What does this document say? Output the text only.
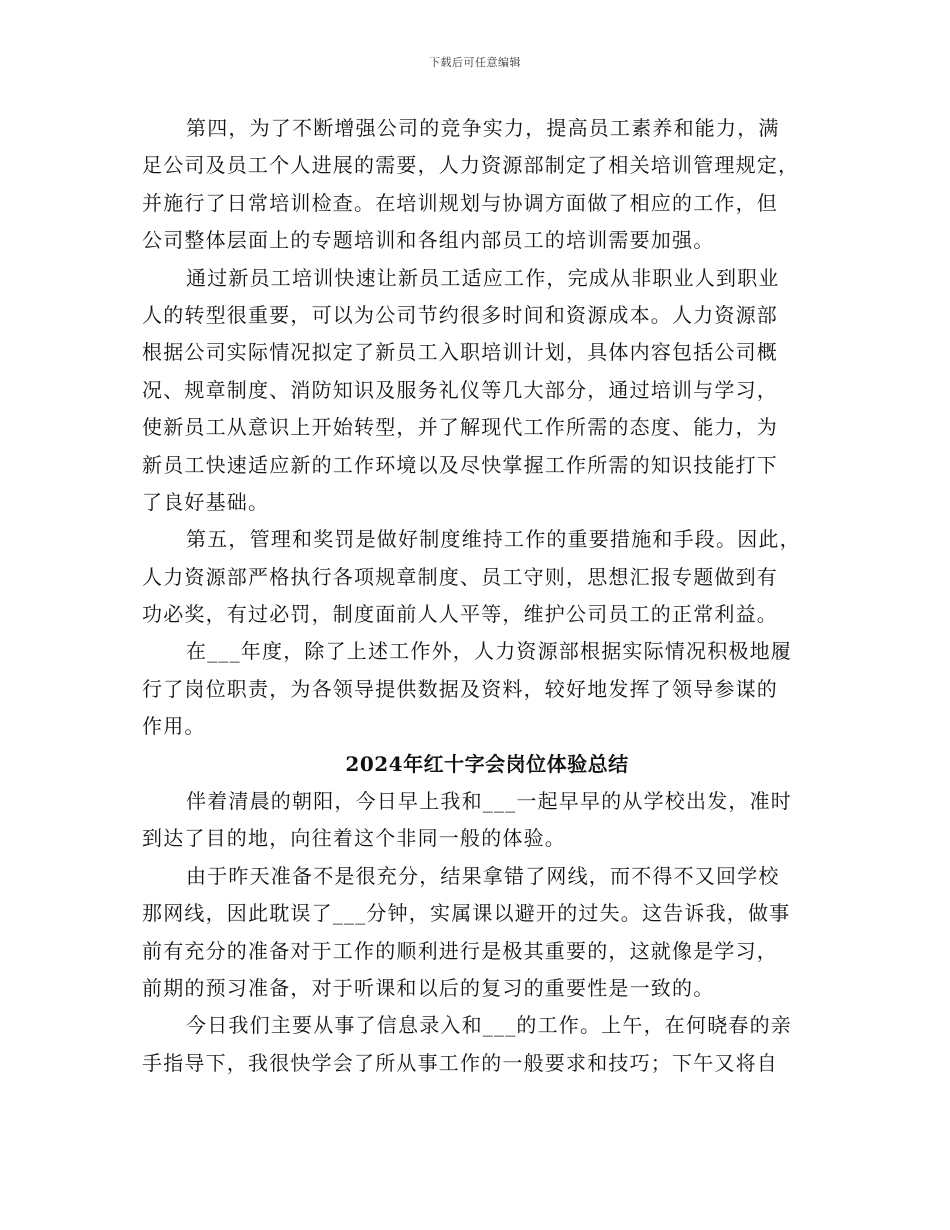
下载后可任意编辑
第四，为了不断增强公司的竞争实力，提高员工素养和能力，满
足公司及员工个人进展的需要，人力资源部制定了相关培训管理规定，
并施行了日常培训检查。在培训规划与协调方面做了相应的工作，但
公司整体层面上的专题培训和各组内部员工的培训需要加强。
通过新员工培训快速让新员工适应工作，完成从非职业人到职业
人的转型很重要，可以为公司节约很多时间和资源成本。人力资源部
根据公司实际情况拟定了新员工入职培训计划，具体内容包括公司概
况、规章制度、消防知识及服务礼仪等几大部分，通过培训与学习，
使新员工从意识上开始转型，并了解现代工作所需的态度、能力，为
新员工快速适应新的工作环境以及尽快掌握工作所需的知识技能打下
了良好基础。
第五，管理和奖罚是做好制度维持工作的重要措施和手段。因此，
人力资源部严格执行各项规章制度、员工守则，思想汇报专题做到有
功必奖，有过必罚，制度面前人人平等，维护公司员工的正常利益。
在___年度，除了上述工作外，人力资源部根据实际情况积极地履
行了岗位职责，为各领导提供数据及资料，较好地发挥了领导参谋的
作用。
2024年红十字会岗位体验总结
伴着清晨的朝阳，今日早上我和___一起早早的从学校出发，准时
到达了目的地，向往着这个非同一般的体验。
由于昨天准备不是很充分，结果拿错了网线，而不得不又回学校
那网线，因此耽误了___分钟，实属课以避开的过失。这告诉我，做事
前有充分的准备对于工作的顺利进行是极其重要的，这就像是学习，
前期的预习准备，对于听课和以后的复习的重要性是一致的。
今日我们主要从事了信息录入和___的工作。上午，在何晓春的亲
手指导下，我很快学会了所从事工作的一般要求和技巧；下午又将自
